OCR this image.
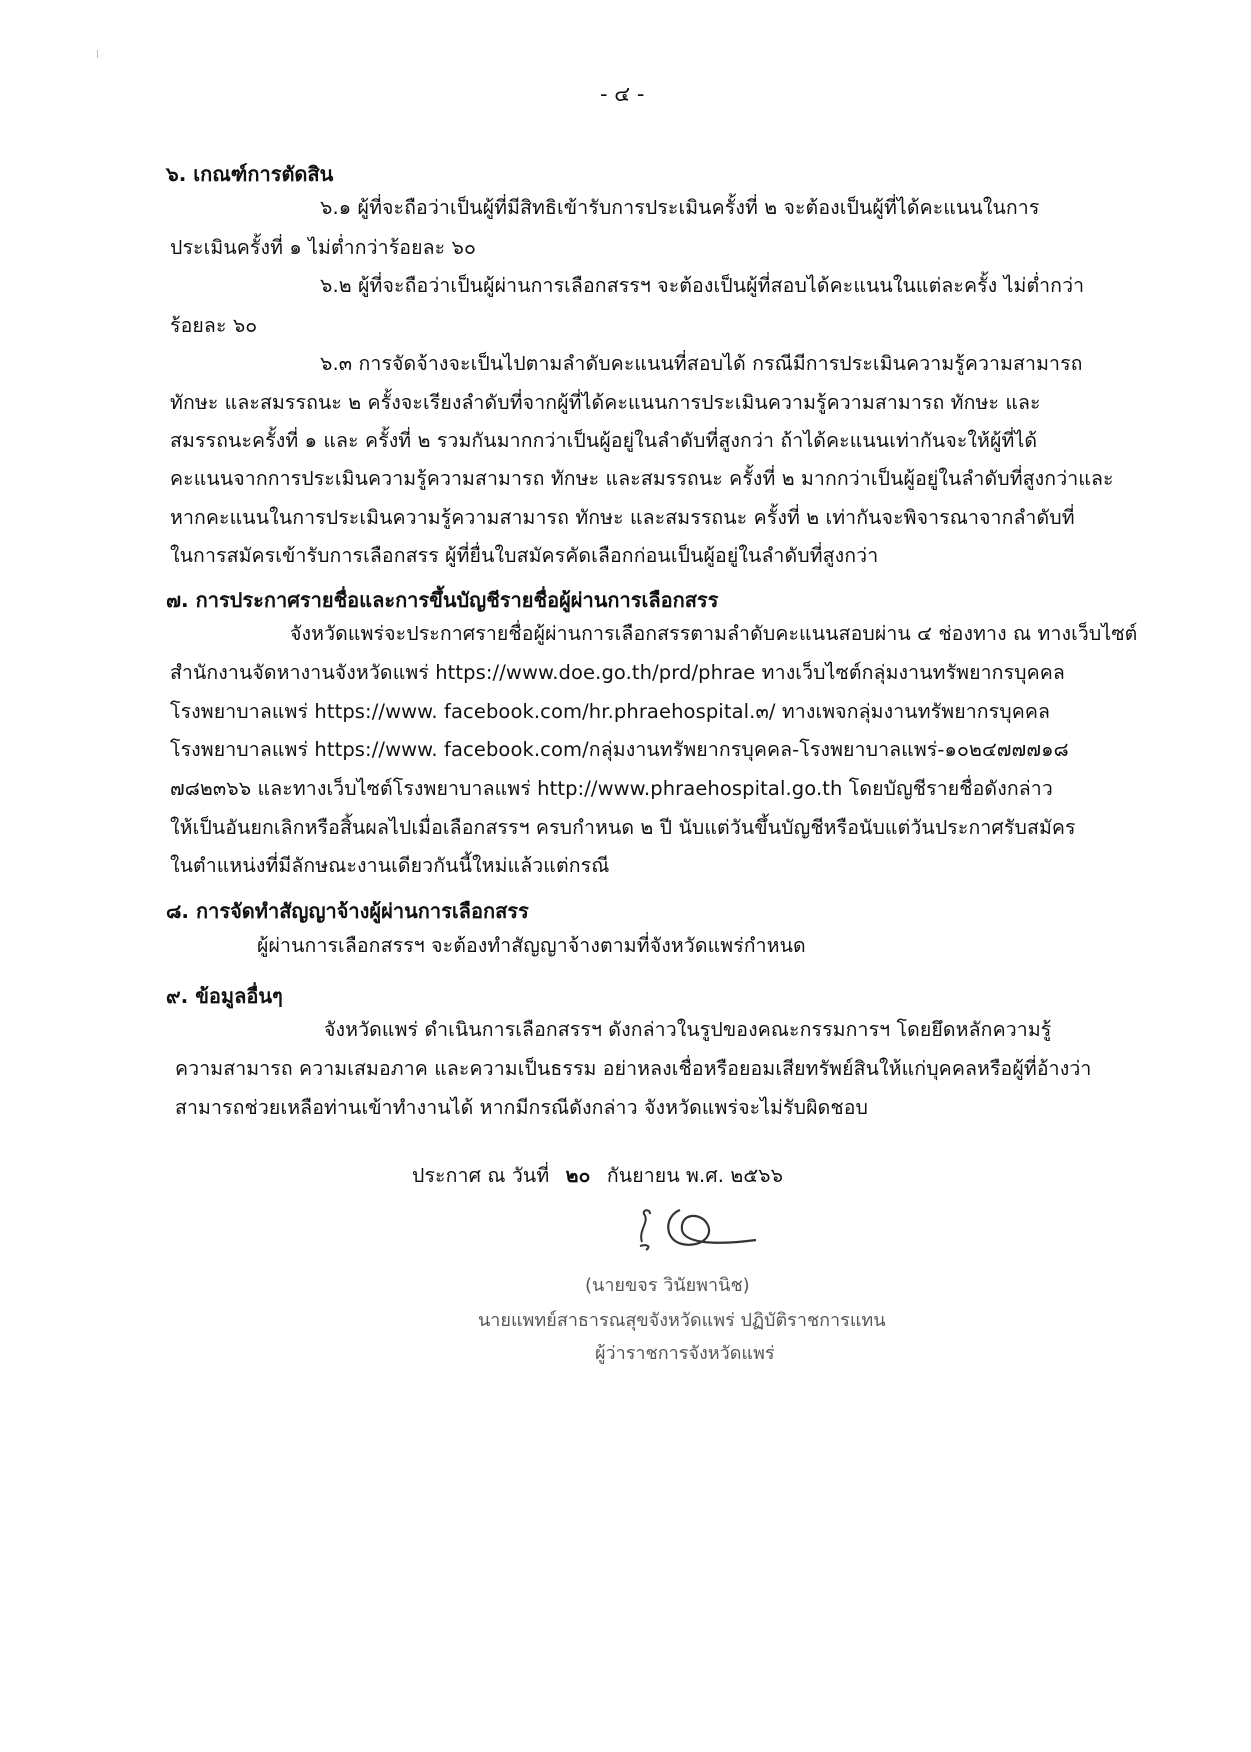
- ๔ -
๖. เกณฑ์การตัดสิน
๖.๑ ผู้ที่จะถือว่าเป็นผู้ที่มีสิทธิเข้ารับการประเมินครั้งที่ ๒ จะต้องเป็นผู้ที่ได้คะแนนในการ
ประเมินครั้งที่ ๑ ไม่ต่ำกว่าร้อยละ ๖๐
๖.๒ ผู้ที่จะถือว่าเป็นผู้ผ่านการเลือกสรรฯ จะต้องเป็นผู้ที่สอบได้คะแนนในแต่ละครั้ง ไม่ต่ำกว่า
ร้อยละ ๖๐
๖.๓ การจัดจ้างจะเป็นไปตามลำดับคะแนนที่สอบได้ กรณีมีการประเมินความรู้ความสามารถ
ทักษะ และสมรรถนะ ๒ ครั้งจะเรียงลำดับที่จากผู้ที่ได้คะแนนการประเมินความรู้ความสามารถ ทักษะ และ
สมรรถนะครั้งที่ ๑ และ ครั้งที่ ๒ รวมกันมากกว่าเป็นผู้อยู่ในลำดับที่สูงกว่า ถ้าได้คะแนนเท่ากันจะให้ผู้ที่ได้
คะแนนจากการประเมินความรู้ความสามารถ ทักษะ และสมรรถนะ ครั้งที่ ๒ มากกว่าเป็นผู้อยู่ในลำดับที่สูงกว่าและ
หากคะแนนในการประเมินความรู้ความสามารถ ทักษะ และสมรรถนะ ครั้งที่ ๒ เท่ากันจะพิจารณาจากลำดับที่
ในการสมัครเข้ารับการเลือกสรร ผู้ที่ยื่นใบสมัครคัดเลือกก่อนเป็นผู้อยู่ในลำดับที่สูงกว่า
๗. การประกาศรายชื่อและการขึ้นบัญชีรายชื่อผู้ผ่านการเลือกสรร
จังหวัดแพร่จะประกาศรายชื่อผู้ผ่านการเลือกสรรตามลำดับคะแนนสอบผ่าน ๔ ช่องทาง ณ ทางเว็บไซต์
สำนักงานจัดหางานจังหวัดแพร่ https://www.doe.go.th/prd/phrae ทางเว็บไซต์กลุ่มงานทรัพยากรบุคคล
โรงพยาบาลแพร่ https://www. facebook.com/hr.phraehospital.๓/ ทางเพจกลุ่มงานทรัพยากรบุคคล
โรงพยาบาลแพร่ https://www. facebook.com/กลุ่มงานทรัพยากรบุคคล-โรงพยาบาลแพร่-๑๐๒๔๗๗๗๑๘
๗๘๒๓๖๖ และทางเว็บไซต์โรงพยาบาลแพร่ http://www.phraehospital.go.th โดยบัญชีรายชื่อดังกล่าว
ให้เป็นอันยกเลิกหรือสิ้นผลไปเมื่อเลือกสรรฯ ครบกำหนด ๒ ปี นับแต่วันขึ้นบัญชีหรือนับแต่วันประกาศรับสมัคร
ในตำแหน่งที่มีลักษณะงานเดียวกันนี้ใหม่แล้วแต่กรณี
๘. การจัดทำสัญญาจ้างผู้ผ่านการเลือกสรร
ผู้ผ่านการเลือกสรรฯ จะต้องทำสัญญาจ้างตามที่จังหวัดแพร่กำหนด
๙. ข้อมูลอื่นๆ
จังหวัดแพร่ ดำเนินการเลือกสรรฯ ดังกล่าวในรูปของคณะกรรมการฯ โดยยึดหลักความรู้
ความสามารถ ความเสมอภาค และความเป็นธรรม อย่าหลงเชื่อหรือยอมเสียทรัพย์สินให้แก่บุคคลหรือผู้ที่อ้างว่า
สามารถช่วยเหลือท่านเข้าทำงานได้ หากมีกรณีดังกล่าว จังหวัดแพร่จะไม่รับผิดชอบ
ประกาศ ณ วันที่ ๒๐ กันยายน พ.ศ. ๒๕๖๖
(นายขจร วินัยพานิช)
นายแพทย์สาธารณสุขจังหวัดแพร่ ปฏิบัติราชการแทน
ผู้ว่าราชการจังหวัดแพร่
